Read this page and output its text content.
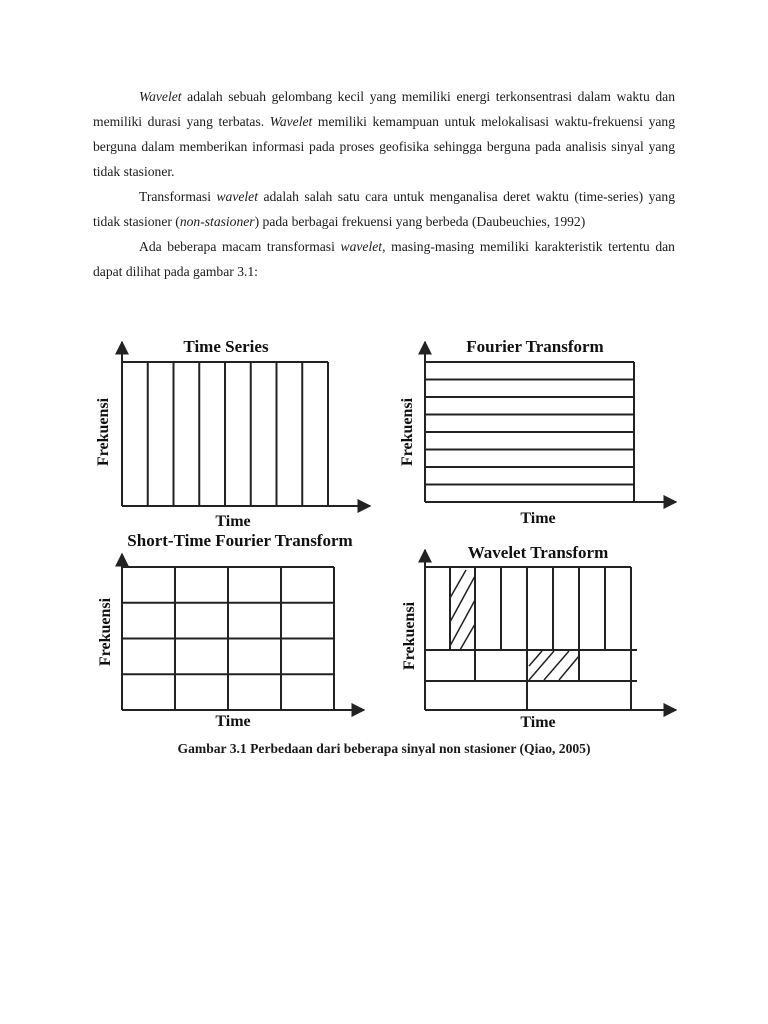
Wavelet adalah sebuah gelombang kecil yang memiliki energi terkonsentrasi dalam waktu dan memiliki durasi yang terbatas. Wavelet memiliki kemampuan untuk melokalisasi waktu-frekuensi yang berguna dalam memberikan informasi pada proses geofisika sehingga berguna pada analisis sinyal yang tidak stasioner.

Transformasi wavelet adalah salah satu cara untuk menganalisa deret waktu (time-series) yang tidak stasioner (non-stasioner) pada berbagai frekuensi yang berbeda (Daubeuchies, 1992)

Ada beberapa macam transformasi wavelet, masing-masing memiliki karakteristik tertentu dan dapat dilihat pada gambar 3.1:

Time Series
Time
Frekuensi
Fourier Transform
Time
Frekuensi
Short-Time Fourier Transform
Time
Frekuensi
Wavelet Transform
Time
Frekuensi
Gambar 3.1 Perbedaan dari beberapa sinyal non stasioner (Qiao, 2005)
